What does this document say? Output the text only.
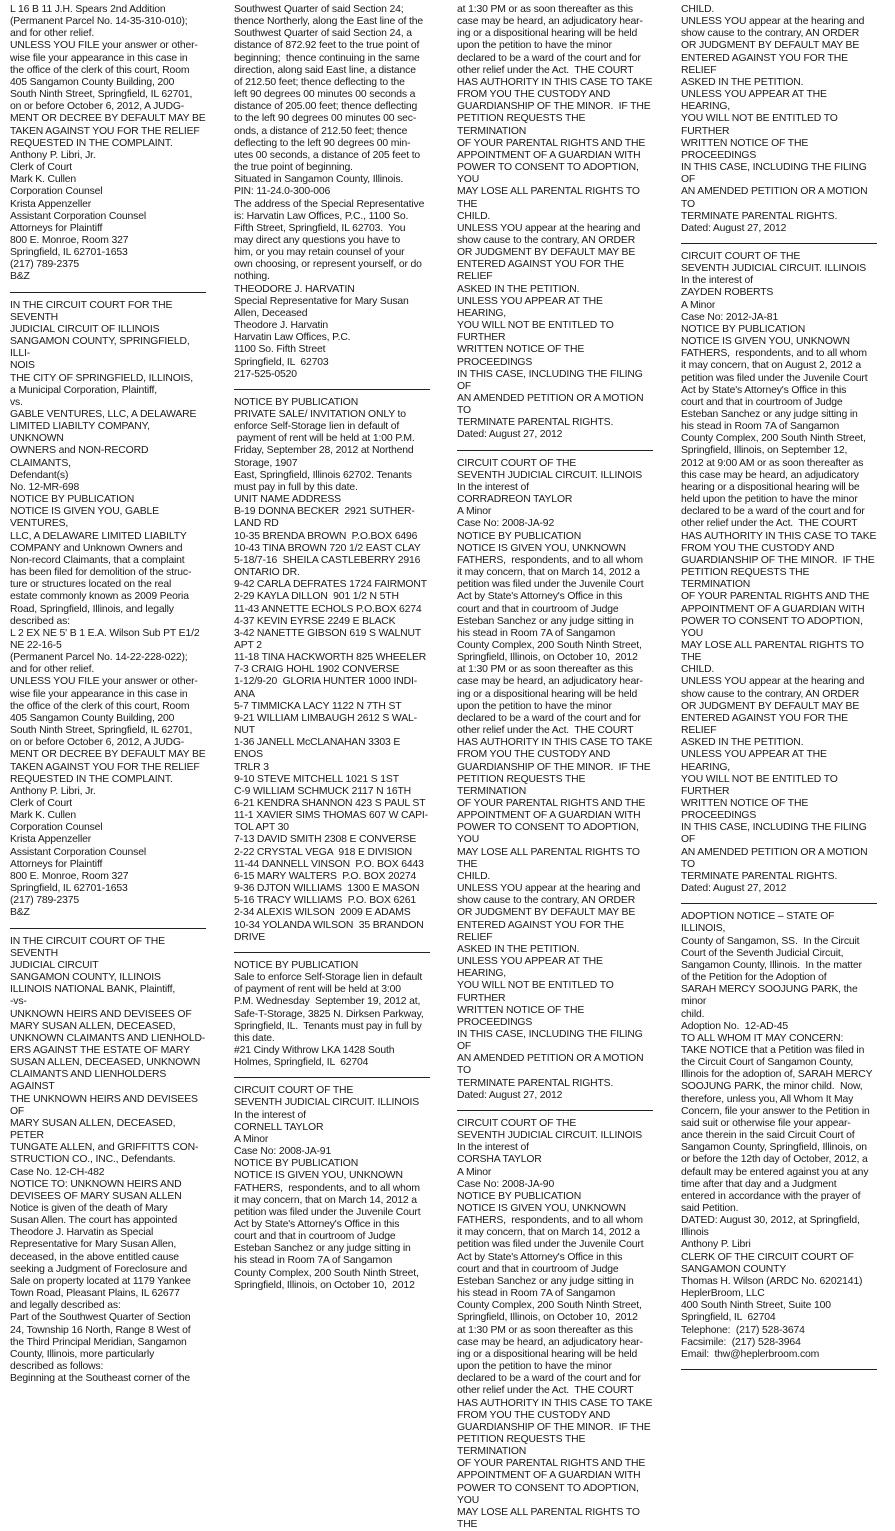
L 16 B 11 J.H. Spears 2nd Addition
(Permanent Parcel No. 14-35-310-010);
and for other relief.
UNLESS YOU FILE your answer or other-
wise file your appearance in this case in
the office of the clerk of this court, Room
405 Sangamon County Building, 200
South Ninth Street, Springfield, IL 62701,
on or before October 6, 2012, A JUDG-
MENT OR DECREE BY DEFAULT MAY BE
TAKEN AGAINST YOU FOR THE RELIEF
REQUESTED IN THE COMPLAINT.
Anthony P. Libri, Jr.
Clerk of Court
Mark K. Cullen
Corporation Counsel
Krista Appenzeller
Assistant Corporation Counsel
Attorneys for Plaintiff
800 E. Monroe, Room 327
Springfield, IL 62701-1653
(217) 789-2375
B&Z

IN THE CIRCUIT COURT FOR THE SEVENTH
JUDICIAL CIRCUIT OF ILLINOIS
SANGAMON COUNTY, SPRINGFIELD, ILLI-
NOIS
THE CITY OF SPRINGFIELD, ILLINOIS,
a Municipal Corporation, Plaintiff,
vs.
GABLE VENTURES, LLC, A DELAWARE
LIMITED LIABILTY COMPANY, UNKNOWN
OWNERS and NON-RECORD CLAIMANTS,
Defendant(s)
No. 12-MR-698
NOTICE BY PUBLICATION
NOTICE IS GIVEN YOU, GABLE VENTURES,
LLC, A DELAWARE LIMITED LIABILTY
COMPANY and Unknown Owners and
Non-record Claimants, that a complaint
has been filed for demolition of the struc-
ture or structures located on the real
estate commonly known as 2009 Peoria
Road, Springfield, Illinois, and legally
described as:
L 2 EX NE 5' B 1 E.A. Wilson Sub PT E1/2
NE 22-16-5
(Permanent Parcel No. 14-22-228-022);
and for other relief.
UNLESS YOU FILE your answer or other-
wise file your appearance in this case in
the office of the clerk of this court, Room
405 Sangamon County Building, 200
South Ninth Street, Springfield, IL 62701,
on or before October 6, 2012, A JUDG-
MENT OR DECREE BY DEFAULT MAY BE
TAKEN AGAINST YOU FOR THE RELIEF
REQUESTED IN THE COMPLAINT.
Anthony P. Libri, Jr.
Clerk of Court
Mark K. Cullen
Corporation Counsel
Krista Appenzeller
Assistant Corporation Counsel
Attorneys for Plaintiff
800 E. Monroe, Room 327
Springfield, IL 62701-1653
(217) 789-2375
B&Z

IN THE CIRCUIT COURT OF THE SEVENTH
JUDICIAL CIRCUIT
SANGAMON COUNTY, ILLINOIS
ILLINOIS NATIONAL BANK, Plaintiff,
-vs-
UNKNOWN HEIRS AND DEVISEES OF
MARY SUSAN ALLEN, DECEASED,
UNKNOWN CLAIMANTS AND LIENHOLD-
ERS AGAINST THE ESTATE OF MARY
SUSAN ALLEN, DECEASED, UNKNOWN
CLAIMANTS AND LIENHOLDERS AGAINST
THE UNKNOWN HEIRS AND DEVISEES OF
MARY SUSAN ALLEN, DECEASED, PETER
TUNGATE ALLEN, and GRIFFITTS CON-
STRUCTION CO., INC., Defendants.
Case No. 12-CH-482
NOTICE TO: UNKNOWN HEIRS AND
DEVISEES OF MARY SUSAN ALLEN
Notice is given of the death of Mary
Susan Allen. The court has appointed
Theodore J. Harvatin as Special
Representative for Mary Susan Allen,
deceased, in the above entitled cause
seeking a Judgment of Foreclosure and
Sale on property located at 1179 Yankee
Town Road, Pleasant Plains, IL 62677
and legally described as:
Part of the Southwest Quarter of Section
24, Township 16 North, Range 8 West of
the Third Principal Meridian, Sangamon
County, Illinois, more particularly
described as follows:
Beginning at the Southeast corner of the

Southwest Quarter of said Section 24;
thence Northerly, along the East line of the
Southwest Quarter of said Section 24, a
distance of 872.92 feet to the true point of
beginning;  thence continuing in the same
direction, along said East line, a distance
of 212.50 feet; thence deflecting to the
left 90 degrees 00 minutes 00 seconds a
distance of 205.00 feet; thence deflecting
to the left 90 degrees 00 minutes 00 sec-
onds, a distance of 212.50 feet; thence
deflecting to the left 90 degrees 00 min-
utes 00 seconds, a distance of 205 feet to
the true point of beginning.
Situated in Sangamon County, Illinois.
PIN: 11-24.0-300-006
The address of the Special Representative
is: Harvatin Law Offices, P.C., 1100 So.
Fifth Street, Springfield, IL 62703.  You
may direct any questions you have to
him, or you may retain counsel of your
own choosing, or represent yourself, or do
nothing.
THEODORE J. HARVATIN
Special Representative for Mary Susan
Allen, Deceased
Theodore J. Harvatin
Harvatin Law Offices, P.C.
1100 So. Fifth Street
Springfield, IL  62703
217-525-0520

NOTICE BY PUBLICATION
PRIVATE SALE/ INVITATION ONLY to
enforce Self-Storage lien in default of
payment of rent will be held at 1:00 P.M.
Friday, September 28, 2012 at Northend
Storage, 1907
East, Springfield, Illinois 62702. Tenants
must pay in full by this date.
UNIT NAME ADDRESS
B-19 DONNA BECKER  2921 SUTHER-
LAND RD
10-35 BRENDA BROWN  P.O.BOX 6496
10-43 TINA BROWN 720 1/2 EAST CLAY
5-18/7-16  SHEILA CASTLEBERRY 2916
ONTARIO DR.
9-42 CARLA DEFRATES 1724 FAIRMONT
2-29 KAYLA DILLON  901 1/2 N 5TH
11-43 ANNETTE ECHOLS P.O.BOX 6274
4-37 KEVIN EYRSE 2249 E BLACK
3-42 NANETTE GIBSON 619 S WALNUT
APT 2
11-18 TINA HACKWORTH 825 WHEELER
7-3 CRAIG HOHL 1902 CONVERSE
1-12/9-20  GLORIA HUNTER 1000 INDI-
ANA
5-7 TIMMICKA LACY 1122 N 7TH ST
9-21 WILLIAM LIMBAUGH 2612 S WAL-
NUT
1-36 JANELL McCLANAHAN 3303 E ENOS
TRLR 3
9-10 STEVE MITCHELL 1021 S 1ST
C-9 WILLIAM SCHMUCK 2117 N 16TH
6-21 KENDRA SHANNON 423 S PAUL ST
11-1 XAVIER SIMS THOMAS 607 W CAPI-
TOL APT 30
7-13 DAVID SMITH 2308 E CONVERSE
2-22 CRYSTAL VEGA  918 E DIVISION
11-44 DANNELL VINSON  P.O. BOX 6443
6-15 MARY WALTERS  P.O. BOX 20274
9-36 DJTON WILLIAMS  1300 E MASON
5-16 TRACY WILLIAMS  P.O. BOX 6261
2-34 ALEXIS WILSON  2009 E ADAMS
10-34 YOLANDA WILSON  35 BRANDON
DRIVE

NOTICE BY PUBLICATION
Sale to enforce Self-Storage lien in default
of payment of rent will be held at 3:00
P.M. Wednesday  September 19, 2012 at,
Safe-T-Storage, 3825 N. Dirksen Parkway,
Springfield, IL.  Tenants must pay in full by
this date.
#21 Cindy Withrow LKA 1428 South
Holmes, Springfield, IL  62704

CIRCUIT COURT OF THE
SEVENTH JUDICIAL CIRCUIT. ILLINOIS
In the interest of
CORNELL TAYLOR
A Minor
Case No: 2008-JA-91
NOTICE BY PUBLICATION
NOTICE IS GIVEN YOU, UNKNOWN
FATHERS,  respondents, and to all whom
it may concern, that on March 14, 2012 a
petition was filed under the Juvenile Court
Act by State's Attorney's Office in this
court and that in courtroom of Judge
Esteban Sanchez or any judge sitting in
his stead in Room 7A of Sangamon
County Complex, 200 South Ninth Street,
Springfield, Illinois, on October 10,  2012

at 1:30 PM or as soon thereafter as this
case may be heard, an adjudicatory hear-
ing or a dispositional hearing will be held
upon the petition to have the minor
declared to be a ward of the court and for
other relief under the Act.  THE COURT
HAS AUTHORITY IN THIS CASE TO TAKE
FROM YOU THE CUSTODY AND
GUARDIANSHIP OF THE MINOR.  IF THE
PETITION REQUESTS THE TERMINATION
OF YOUR PARENTAL RIGHTS AND THE
APPOINTMENT OF A GUARDIAN WITH
POWER TO CONSENT TO ADOPTION, YOU
MAY LOSE ALL PARENTAL RIGHTS TO THE
CHILD.
UNLESS YOU appear at the hearing and
show cause to the contrary, AN ORDER
OR JUDGMENT BY DEFAULT MAY BE
ENTERED AGAINST YOU FOR THE RELIEF
ASKED IN THE PETITION.
UNLESS YOU APPEAR AT THE HEARING,
YOU WILL NOT BE ENTITLED TO FURTHER
WRITTEN NOTICE OF THE PROCEEDINGS
IN THIS CASE, INCLUDING THE FILING OF
AN AMENDED PETITION OR A MOTION TO
TERMINATE PARENTAL RIGHTS.
Dated: August 27, 2012

CIRCUIT COURT OF THE
SEVENTH JUDICIAL CIRCUIT. ILLINOIS
In the interest of
CORRADREON TAYLOR
A Minor
Case No: 2008-JA-92
NOTICE BY PUBLICATION
NOTICE IS GIVEN YOU, UNKNOWN
FATHERS,  respondents, and to all whom
it may concern, that on March 14, 2012 a
petition was filed under the Juvenile Court
Act by State's Attorney's Office in this
court and that in courtroom of Judge
Esteban Sanchez or any judge sitting in
his stead in Room 7A of Sangamon
County Complex, 200 South Ninth Street,
Springfield, Illinois, on October 10,  2012
at 1:30 PM or as soon thereafter as this
case may be heard, an adjudicatory hear-
ing or a dispositional hearing will be held
upon the petition to have the minor
declared to be a ward of the court and for
other relief under the Act.  THE COURT
HAS AUTHORITY IN THIS CASE TO TAKE
FROM YOU THE CUSTODY AND
GUARDIANSHIP OF THE MINOR.  IF THE
PETITION REQUESTS THE TERMINATION
OF YOUR PARENTAL RIGHTS AND THE
APPOINTMENT OF A GUARDIAN WITH
POWER TO CONSENT TO ADOPTION, YOU
MAY LOSE ALL PARENTAL RIGHTS TO THE
CHILD.
UNLESS YOU appear at the hearing and
show cause to the contrary, AN ORDER
OR JUDGMENT BY DEFAULT MAY BE
ENTERED AGAINST YOU FOR THE RELIEF
ASKED IN THE PETITION.
UNLESS YOU APPEAR AT THE HEARING,
YOU WILL NOT BE ENTITLED TO FURTHER
WRITTEN NOTICE OF THE PROCEEDINGS
IN THIS CASE, INCLUDING THE FILING OF
AN AMENDED PETITION OR A MOTION TO
TERMINATE PARENTAL RIGHTS.
Dated: August 27, 2012

CIRCUIT COURT OF THE
SEVENTH JUDICIAL CIRCUIT. ILLINOIS
In the interest of
CORSHA TAYLOR
A Minor
Case No: 2008-JA-90
NOTICE BY PUBLICATION
NOTICE IS GIVEN YOU, UNKNOWN
FATHERS,  respondents, and to all whom
it may concern, that on March 14, 2012 a
petition was filed under the Juvenile Court
Act by State's Attorney's Office in this
court and that in courtroom of Judge
Esteban Sanchez or any judge sitting in
his stead in Room 7A of Sangamon
County Complex, 200 South Ninth Street,
Springfield, Illinois, on October 10,  2012
at 1:30 PM or as soon thereafter as this
case may be heard, an adjudicatory hear-
ing or a dispositional hearing will be held
upon the petition to have the minor
declared to be a ward of the court and for
other relief under the Act.  THE COURT
HAS AUTHORITY IN THIS CASE TO TAKE
FROM YOU THE CUSTODY AND
GUARDIANSHIP OF THE MINOR.  IF THE
PETITION REQUESTS THE TERMINATION
OF YOUR PARENTAL RIGHTS AND THE
APPOINTMENT OF A GUARDIAN WITH
POWER TO CONSENT TO ADOPTION, YOU
MAY LOSE ALL PARENTAL RIGHTS TO THE

CHILD.
UNLESS YOU appear at the hearing and
show cause to the contrary, AN ORDER
OR JUDGMENT BY DEFAULT MAY BE
ENTERED AGAINST YOU FOR THE RELIEF
ASKED IN THE PETITION.
UNLESS YOU APPEAR AT THE HEARING,
YOU WILL NOT BE ENTITLED TO FURTHER
WRITTEN NOTICE OF THE PROCEEDINGS
IN THIS CASE, INCLUDING THE FILING OF
AN AMENDED PETITION OR A MOTION TO
TERMINATE PARENTAL RIGHTS.
Dated: August 27, 2012

CIRCUIT COURT OF THE
SEVENTH JUDICIAL CIRCUIT. ILLINOIS
In the interest of
ZAYDEN ROBERTS
A Minor
Case No: 2012-JA-81
NOTICE BY PUBLICATION
NOTICE IS GIVEN YOU, UNKNOWN
FATHERS,  respondents, and to all whom
it may concern, that on August 2, 2012 a
petition was filed under the Juvenile Court
Act by State's Attorney's Office in this
court and that in courtroom of Judge
Esteban Sanchez or any judge sitting in
his stead in Room 7A of Sangamon
County Complex, 200 South Ninth Street,
Springfield, Illinois, on September 12,
2012 at 9:00 AM or as soon thereafter as
this case may be heard, an adjudicatory
hearing or a dispositional hearing will be
held upon the petition to have the minor
declared to be a ward of the court and for
other relief under the Act.  THE COURT
HAS AUTHORITY IN THIS CASE TO TAKE
FROM YOU THE CUSTODY AND
GUARDIANSHIP OF THE MINOR.  IF THE
PETITION REQUESTS THE TERMINATION
OF YOUR PARENTAL RIGHTS AND THE
APPOINTMENT OF A GUARDIAN WITH
POWER TO CONSENT TO ADOPTION, YOU
MAY LOSE ALL PARENTAL RIGHTS TO THE
CHILD.
UNLESS YOU appear at the hearing and
show cause to the contrary, AN ORDER
OR JUDGMENT BY DEFAULT MAY BE
ENTERED AGAINST YOU FOR THE RELIEF
ASKED IN THE PETITION.
UNLESS YOU APPEAR AT THE HEARING,
YOU WILL NOT BE ENTITLED TO FURTHER
WRITTEN NOTICE OF THE PROCEEDINGS
IN THIS CASE, INCLUDING THE FILING OF
AN AMENDED PETITION OR A MOTION TO
TERMINATE PARENTAL RIGHTS.
Dated: August 27, 2012

ADOPTION NOTICE – STATE OF ILLINOIS,
County of Sangamon, SS.  In the Circuit
Court of the Seventh Judicial Circuit,
Sangamon County, Illinois.  In the matter
of the Petition for the Adoption of
SARAH MERCY SOOJUNG PARK, the minor
child.
Adoption No.  12-AD-45
TO ALL WHOM IT MAY CONCERN:
TAKE NOTICE that a Petition was filed in
the Circuit Court of Sangamon County,
Illinois for the adoption of, SARAH MERCY
SOOJUNG PARK, the minor child.  Now,
therefore, unless you, All Whom It May
Concern, file your answer to the Petition in
said suit or otherwise file your appear-
ance therein in the said Circuit Court of
Sangamon County, Springfield, Illinois, on
or before the 12th day of October, 2012, a
default may be entered against you at any
time after that day and a Judgment
entered in accordance with the prayer of
said Petition.
DATED: August 30, 2012, at Springfield,
Illinois
Anthony P. Libri
CLERK OF THE CIRCUIT COURT OF
SANGAMON COUNTY
Thomas H. Wilson (ARDC No. 6202141)
HeplerBroom, LLC
400 South Ninth Street, Suite 100
Springfield, IL  62704
Telephone:  (217) 528-3674
Facsimile:  (217) 528-3964
Email:  thw@heplerbroom.com
